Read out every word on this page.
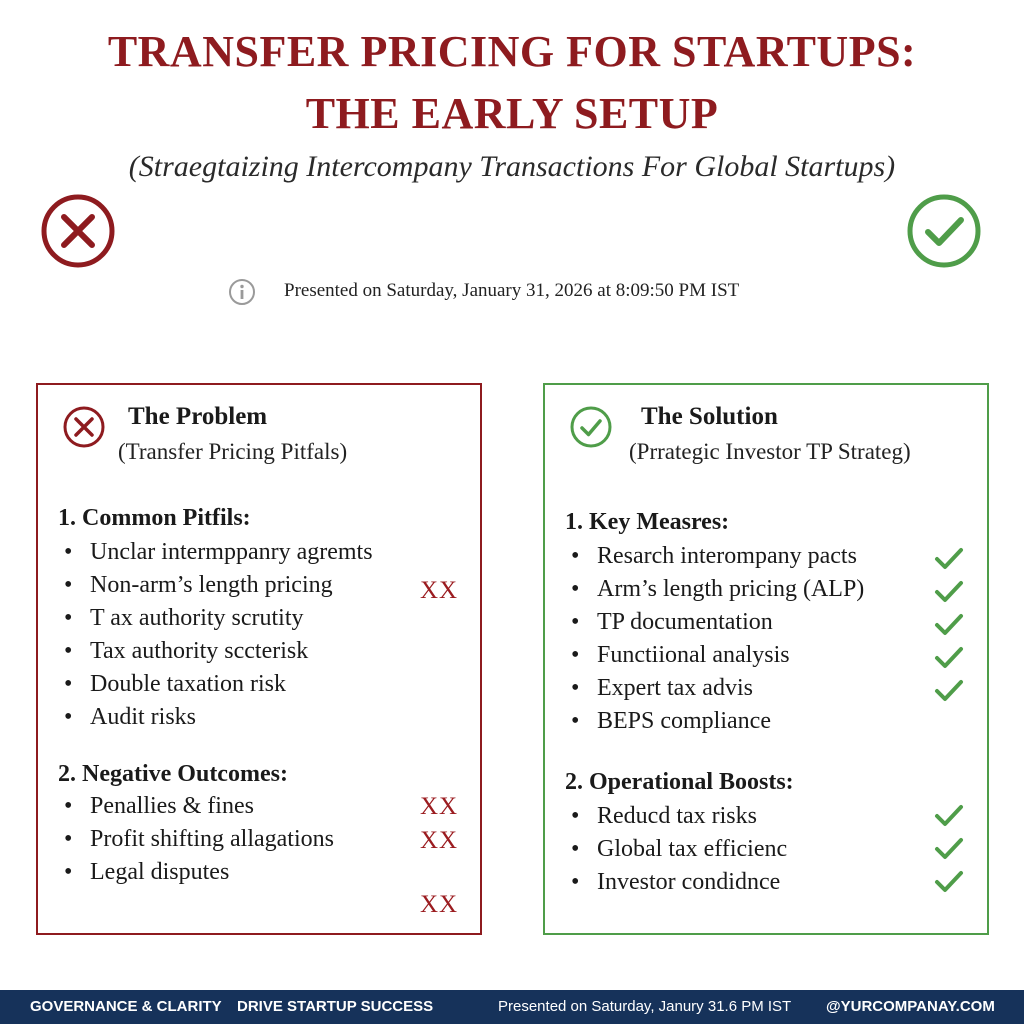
TRANSFER PRICING FOR STARTUPS:
THE EARLY SETUP
(Straegtaizing Intercompany Transactions For Global Startups)
Presented on Saturday, January 31, 2026 at 8:09:50 PM IST
The Problem
(Transfer Pricing Pitfals)
1. Common Pitfils:
• Unclar intermppanry agremts
• Non-arm’s length pricing
• T ax authority scrutity
• Tax authority sccterisk
• Double taxation risk
• Audit risks
XX
2. Negative Outcomes:
• Penallies & fines
• Profit shifting allagations
• Legal disputes
XX
XX
XX
The Solution
(Prrategic Investor TP Strateg)
1. Key Measres:
• Resarch interompany pacts
• Arm’s length pricing (ALP)
• TP documentation
• Functiional analysis
• Expert tax advis
• BEPS compliance
2. Operational Boosts:
• Reducd tax risks
• Global tax efficienc
• Investor condidnce
GOVERNANCE & CLARITY DRIVE STARTUP SUCCESS	Presented on Saturday, Janury 31.6 PM IST @YURCOMPANAY.COM
